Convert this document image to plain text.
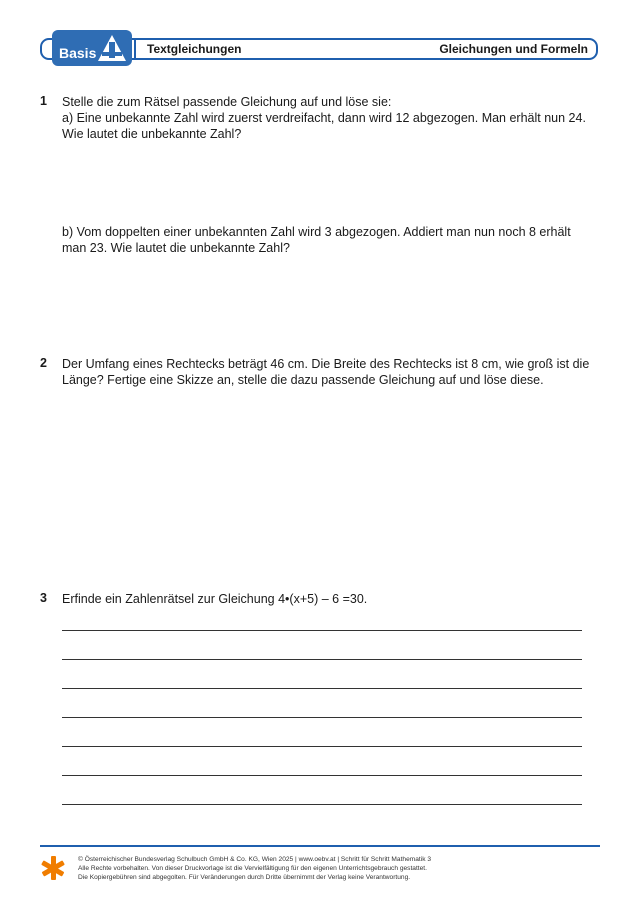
Basis	Textgleichungen	Gleichungen und Formeln
1 Stelle die zum Rätsel passende Gleichung auf und löse sie:
a) Eine unbekannte Zahl wird zuerst verdreifacht, dann wird 12 abgezogen. Man erhält nun 24. Wie lautet die unbekannte Zahl?
b) Vom doppelten einer unbekannten Zahl wird 3 abgezogen. Addiert man nun noch 8 erhält man 23. Wie lautet die unbekannte Zahl?
2 Der Umfang eines Rechtecks beträgt 46 cm. Die Breite des Rechtecks ist 8 cm, wie groß ist die Länge? Fertige eine Skizze an, stelle die dazu passende Gleichung auf und löse diese.
3 Erfinde ein Zahlenrätsel zur Gleichung 4•(x+5) – 6 =30.
© Österreichischer Bundesverlag Schulbuch GmbH & Co. KG, Wien 2025 | www.oebv.at | Schritt für Schritt Mathematik 3
Alle Rechte vorbehalten. Von dieser Druckvorlage ist die Vervielfältigung für den eigenen Unterrichtsgebrauch gestattet.
Die Kopiergebühren sind abgegolten. Für Veränderungen durch Dritte übernimmt der Verlag keine Verantwortung.
